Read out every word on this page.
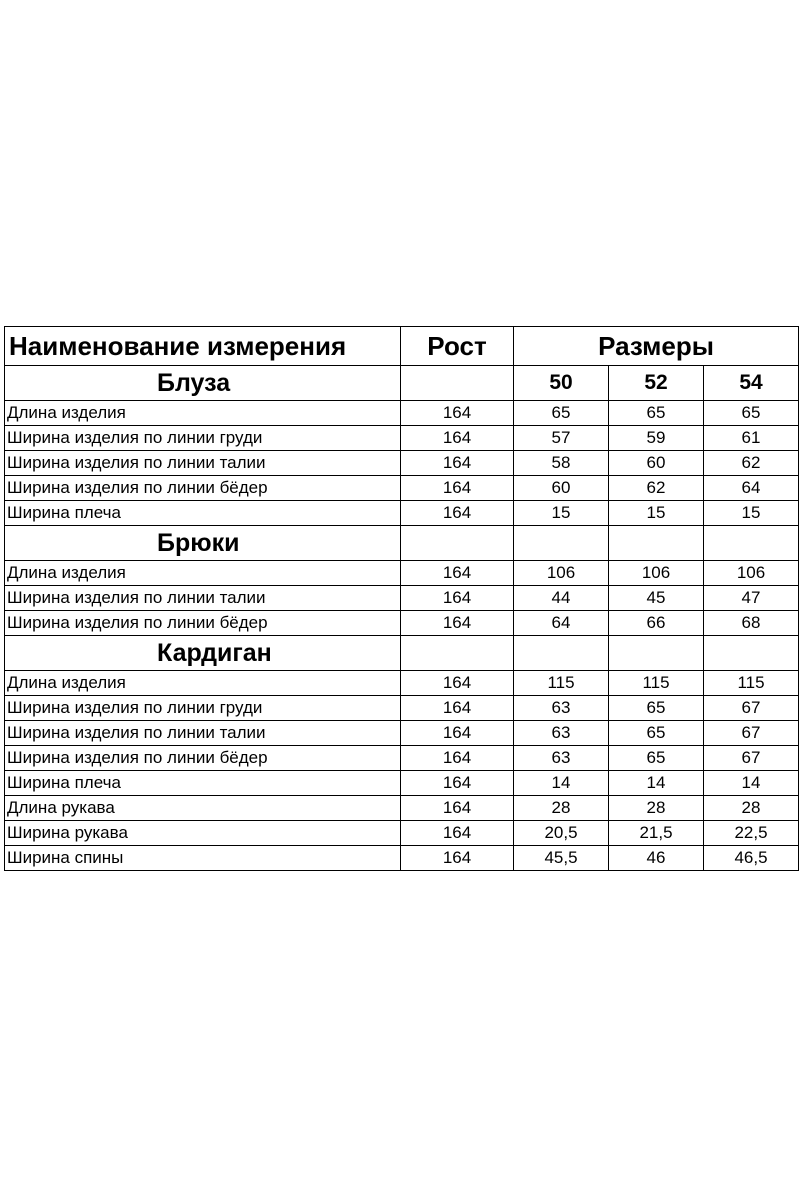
Наименование измерения	Рост	Размеры		
Блуза		50	52	54
Длина изделия	164	65	65	65
Ширина изделия по линии груди	164	57	59	61
Ширина изделия по линии талии	164	58	60	62
Ширина изделия по линии бёдер	164	60	62	64
Ширина плеча	164	15	15	15
Брюки				
Длина изделия	164	106	106	106
Ширина изделия по линии талии	164	44	45	47
Ширина изделия по линии бёдер	164	64	66	68
Кардиган				
Длина изделия	164	115	115	115
Ширина изделия по линии груди	164	63	65	67
Ширина изделия по линии талии	164	63	65	67
Ширина изделия по линии бёдер	164	63	65	67
Ширина плеча	164	14	14	14
Длина рукава	164	28	28	28
Ширина рукава	164	20,5	21,5	22,5
Ширина спины	164	45,5	46	46,5
